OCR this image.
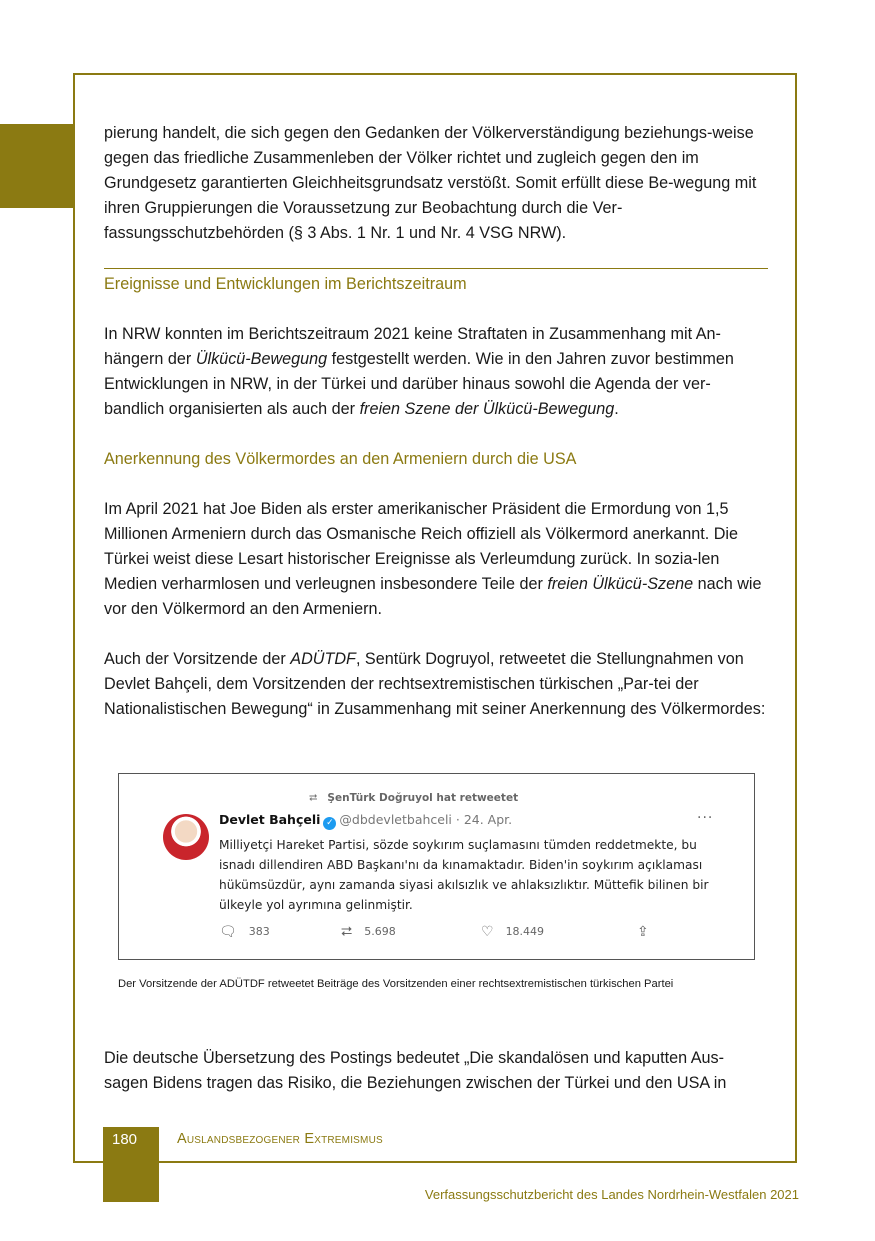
pierung handelt, die sich gegen den Gedanken der Völkerverständigung beziehungs-weise gegen das friedliche Zusammenleben der Völker richtet und zugleich gegen den im Grundgesetz garantierten Gleichheitsgrundsatz verstößt. Somit erfüllt diese Be-wegung mit ihren Gruppierungen die Voraussetzung zur Beobachtung durch die Ver-fassungsschutzbehörden (§ 3 Abs. 1 Nr. 1 und Nr. 4 VSG NRW).

Ereignisse und Entwicklungen im Berichtszeitraum

In NRW konnten im Berichtszeitraum 2021 keine Straftaten in Zusammenhang mit An-hängern der Ülkücü-Bewegung festgestellt werden. Wie in den Jahren zuvor bestimmen Entwicklungen in NRW, in der Türkei und darüber hinaus sowohl die Agenda der ver-bandlich organisierten als auch der freien Szene der Ülkücü-Bewegung.

Anerkennung des Völkermordes an den Armeniern durch die USA

Im April 2021 hat Joe Biden als erster amerikanischer Präsident die Ermordung von 1,5 Millionen Armeniern durch das Osmanische Reich offiziell als Völkermord anerkannt. Die Türkei weist diese Lesart historischer Ereignisse als Verleumdung zurück. In sozia-len Medien verharmlosen und verleugnen insbesondere Teile der freien Ülkücü-Szene nach wie vor den Völkermord an den Armeniern.

Auch der Vorsitzende der ADÜTDF, Sentürk Dogruyol, retweetet die Stellungnahmen von Devlet Bahçeli, dem Vorsitzenden der rechtsextremistischen türkischen „Par-tei der Nationalistischen Bewegung“ in Zusammenhang mit seiner Anerkennung des Völkermordes:

⮂ ŞenTürk Doğruyol hat retweetet
Devlet Bahçeli ✓ @dbdevletbahceli · 24. Apr.	···
Milliyetçi Hareket Partisi, sözde soykırım suçlamasını tümden reddetmekte, bu isnadı dillendiren ABD Başkanı'nı da kınamaktadır. Biden'in soykırım açıklaması hükümsüzdür, aynı zamanda siyasi akılsızlık ve ahlaksızlıktır. Müttefik bilinen bir ülkeyle yol ayrımına gelinmiştir.
🗨 383	⮂ 5.698	♡ 18.449	⇪
Der Vorsitzende der ADÜTDF retweetet Beiträge des Vorsitzenden einer rechtsextremistischen türkischen Partei
Die deutsche Übersetzung des Postings bedeutet „Die skandalösen und kaputten Aus-sagen Bidens tragen das Risiko, die Beziehungen zwischen der Türkei und den USA in
180	Auslandsbezogener Extremismus
Verfassungsschutzbericht des Landes Nordrhein-Westfalen 2021
